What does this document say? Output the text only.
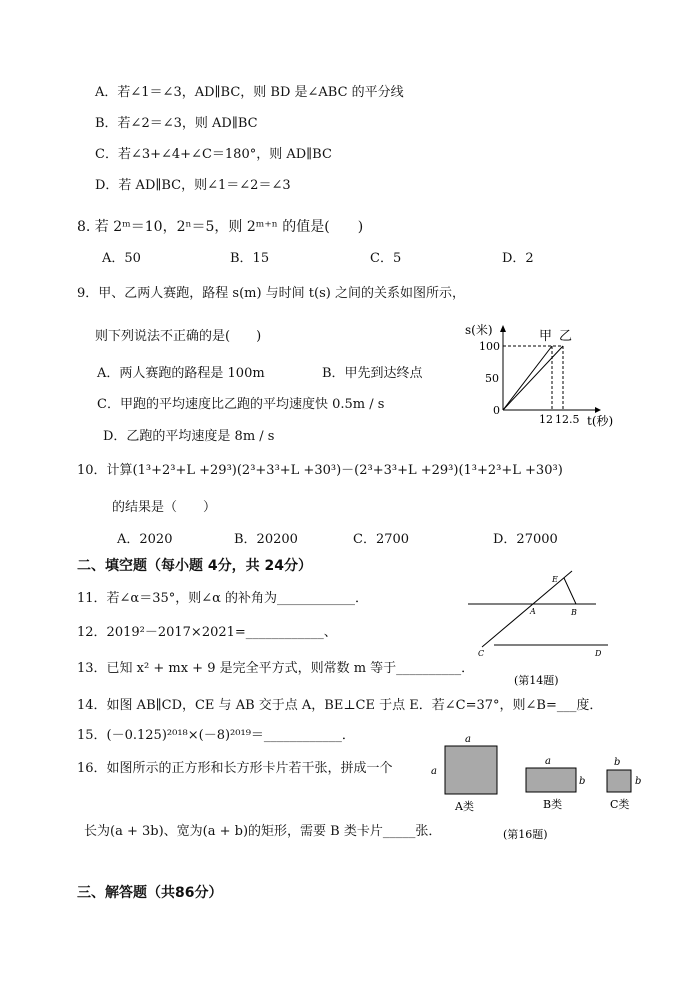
A．若∠1＝∠3，AD∥BC，则 BD 是∠ABC 的平分线
B．若∠2＝∠3，则 AD∥BC
C．若∠3+∠4+∠C＝180°，则 AD∥BC
D．若 AD∥BC，则∠1＝∠2＝∠3
8. 若 2ᵐ＝10，2ⁿ＝5，则 2ᵐ⁺ⁿ 的值是(　　)
A．50	B．15	C．5	D．2
9．甲、乙两人赛跑，路程 s(m) 与时间 t(s) 之间的关系如图所示，
则下列说法不正确的是(　　)
A．两人赛跑的路程是 100m	B．甲先到达终点
C．甲跑的平均速度比乙跑的平均速度快 0.5m / s
D．乙跑的平均速度是 8m / s
s(米)	甲 乙
100
50
0
12 12.5 t(秒)
10．计算(1³+2³+L +29³)(2³+3³+L +30³)－(2³+3³+L +29³)(1³+2³+L +30³)
的结果是（　　）
A．2020	B．20200	C．2700	D．27000
二、填空题（每小题 4分，共 24分）
11．若∠α＝35°，则∠α 的补角为____________．
12．2019²－2017×2021=____________、
13．已知 x² + mx + 9 是完全平方式，则常数 m 等于__________．
E
A	B
C	D
(第14题)
14．如图 AB∥CD，CE 与 AB 交于点 A，BE⊥CE 于点 E．若∠C=37°，则∠B=___度．
15．(－0.125)²⁰¹⁸×(－8)²⁰¹⁹＝____________．
16．如图所示的正方形和长方形卡片若干张，拼成一个
长为(a + 3b)、宽为(a + b)的矩形，需要 B 类卡片_____张．
a
a
A类
a
b
B类
b
b
C类
(第16题)
三、解答题（共86分）
